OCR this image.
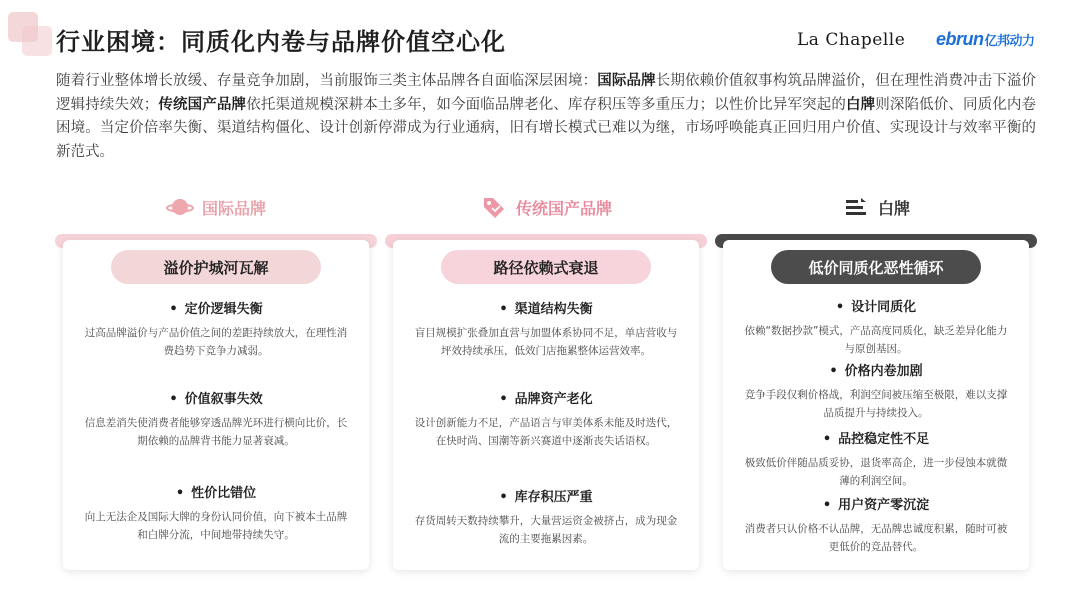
行业困境：同质化内卷与品牌价值空心化	La Chapelle ebrun亿邦动力
随着行业整体增长放缓、存量竞争加剧，当前服饰三类主体品牌各自面临深层困境：国际品牌长期依赖价值叙事构筑品牌溢价，但在理性消费冲击下溢价逻辑持续失效；传统国产品牌依托渠道规模深耕本土多年，如今面临品牌老化、库存积压等多重压力；以性价比异军突起的白牌则深陷低价、同质化内卷困境。当定价倍率失衡、渠道结构僵化、设计创新停滞成为行业通病，旧有增长模式已难以为继，市场呼唤能真正回归用户价值、实现设计与效率平衡的新范式。
国际品牌
溢价护城河瓦解
• 定价逻辑失衡
过高品牌溢价与产品价值之间的差距持续放大，在理性消费趋势下竞争力减弱。
• 价值叙事失效
信息差消失使消费者能够穿透品牌光环进行横向比价，长期依赖的品牌背书能力显著衰减。
• 性价比错位
向上无法企及国际大牌的身份认同价值，向下被本土品牌和白牌分流，中间地带持续失守。
传统国产品牌
路径依赖式衰退
• 渠道结构失衡
盲目规模扩张叠加直营与加盟体系协同不足，单店营收与坪效持续承压，低效门店拖累整体运营效率。
• 品牌资产老化
设计创新能力不足，产品语言与审美体系未能及时迭代，在快时尚、国潮等新兴赛道中逐渐丧失话语权。
• 库存积压严重
存货周转天数持续攀升，大量营运资金被挤占，成为现金流的主要拖累因素。
白牌
低价同质化恶性循环
• 设计同质化
依赖“数据抄款”模式，产品高度同质化，缺乏差异化能力与原创基因。
• 价格内卷加剧
竞争手段仅剩价格战，利润空间被压缩至极限，难以支撑品质提升与持续投入。
• 品控稳定性不足
极致低价伴随品质妥协，退货率高企，进一步侵蚀本就微薄的利润空间。
• 用户资产零沉淀
消费者只认价格不认品牌，无品牌忠诚度积累，随时可被更低价的竞品替代。
